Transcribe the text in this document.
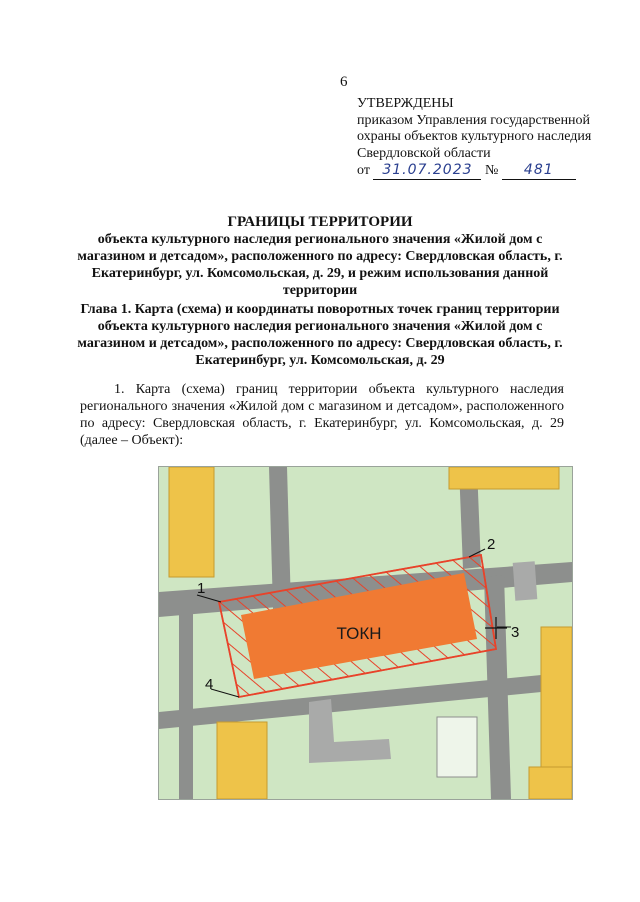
6
УТВЕРЖДЕНЫ
приказом Управления государственной
охраны объектов культурного наследия
Свердловской области
от 31.07.2023 № 481
ГРАНИЦЫ ТЕРРИТОРИИ
объекта культурного наследия регионального значения «Жилой дом с магазином и детсадом», расположенного по адресу: Свердловская область, г. Екатеринбург, ул. Комсомольская, д. 29, и режим использования данной территории
Глава 1. Карта (схема) и координаты поворотных точек границ территории объекта культурного наследия регионального значения «Жилой дом с магазином и детсадом», расположенного по адресу: Свердловская область, г. Екатеринбург, ул. Комсомольская, д. 29
1. Карта (схема) границ территории объекта культурного наследия регионального значения «Жилой дом с магазином и детсадом», расположенного по адресу: Свердловская область, г. Екатеринбург, ул. Комсомольская, д. 29 (далее – Объект):
ТОКН
1
2
3
4
